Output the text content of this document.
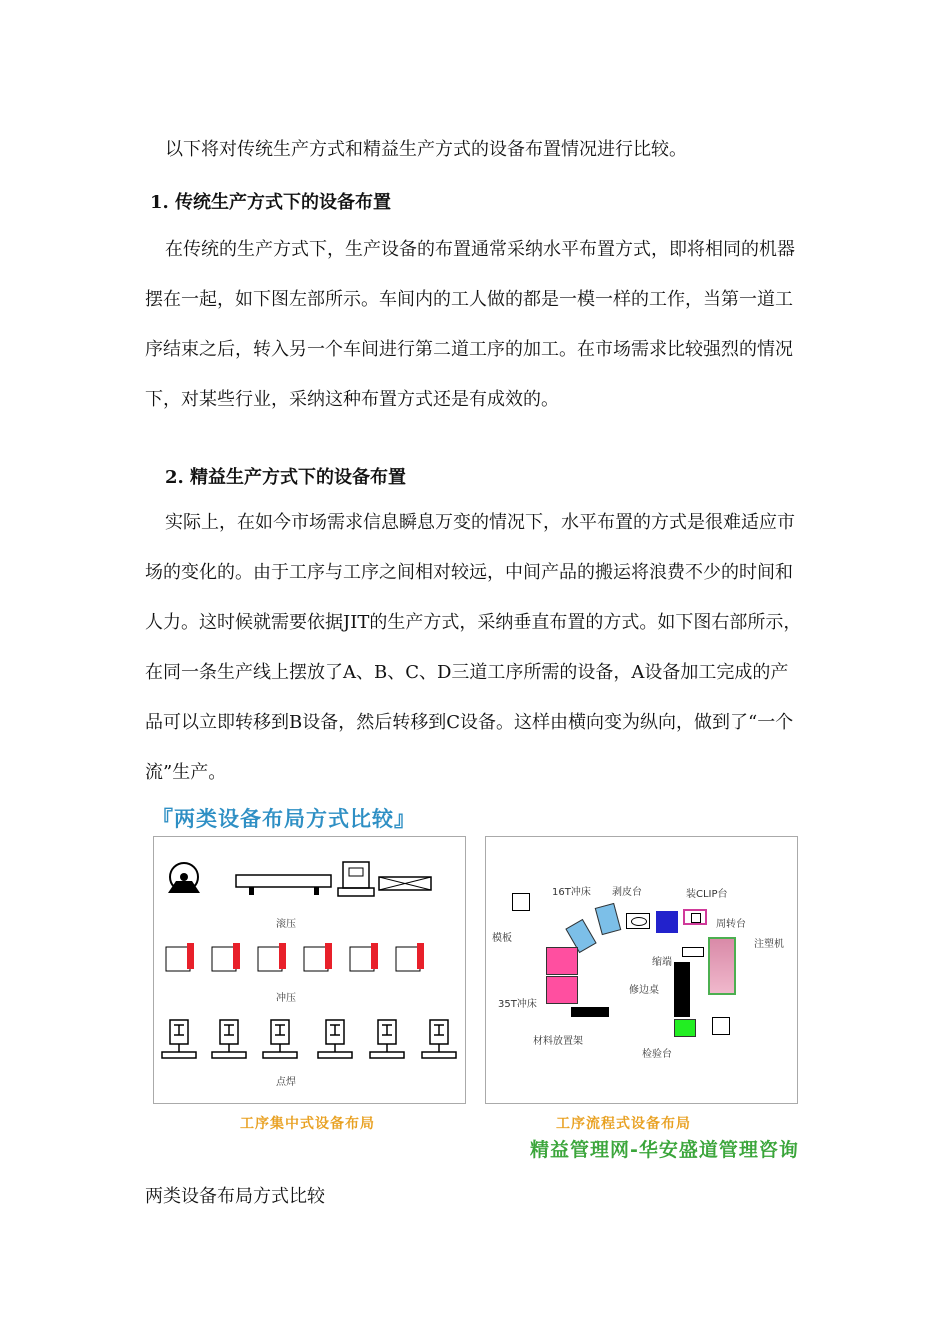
以下将对传统生产方式和精益生产方式的设备布置情况进行比较。

1. 传统生产方式下的设备布置

在传统的生产方式下，生产设备的布置通常采纳水平布置方式，即将相同的机器摆在一起，如下图左部所示。车间内的工人做的都是一模一样的工作，当第一道工序结束之后，转入另一个车间进行第二道工序的加工。在市场需求比较强烈的情况下，对某些行业，采纳这种布置方式还是有成效的。

2. 精益生产方式下的设备布置

实际上，在如今市场需求信息瞬息万变的情况下，水平布置的方式是很难适应市场的变化的。由于工序与工序之间相对较远，中间产品的搬运将浪费不少的时间和人力。这时候就需要依据JIT的生产方式，采纳垂直布置的方式。如下图右部所示，在同一条生产线上摆放了A、B、C、D三道工序所需的设备，A设备加工完成的产品可以立即转移到B设备，然后转移到C设备。这样由横向变为纵向，做到了“一个流”生产。

『两类设备布局方式比较』
滚压
冲压
点焊
16T冲床 剥皮台	装CLIP台
周转台
模板
缩端
注塑机
35T冲床
修边桌
材料放置架
检验台
工序集中式设备布局	工序流程式设备布局
精益管理网-华安盛道管理咨询
两类设备布局方式比较
